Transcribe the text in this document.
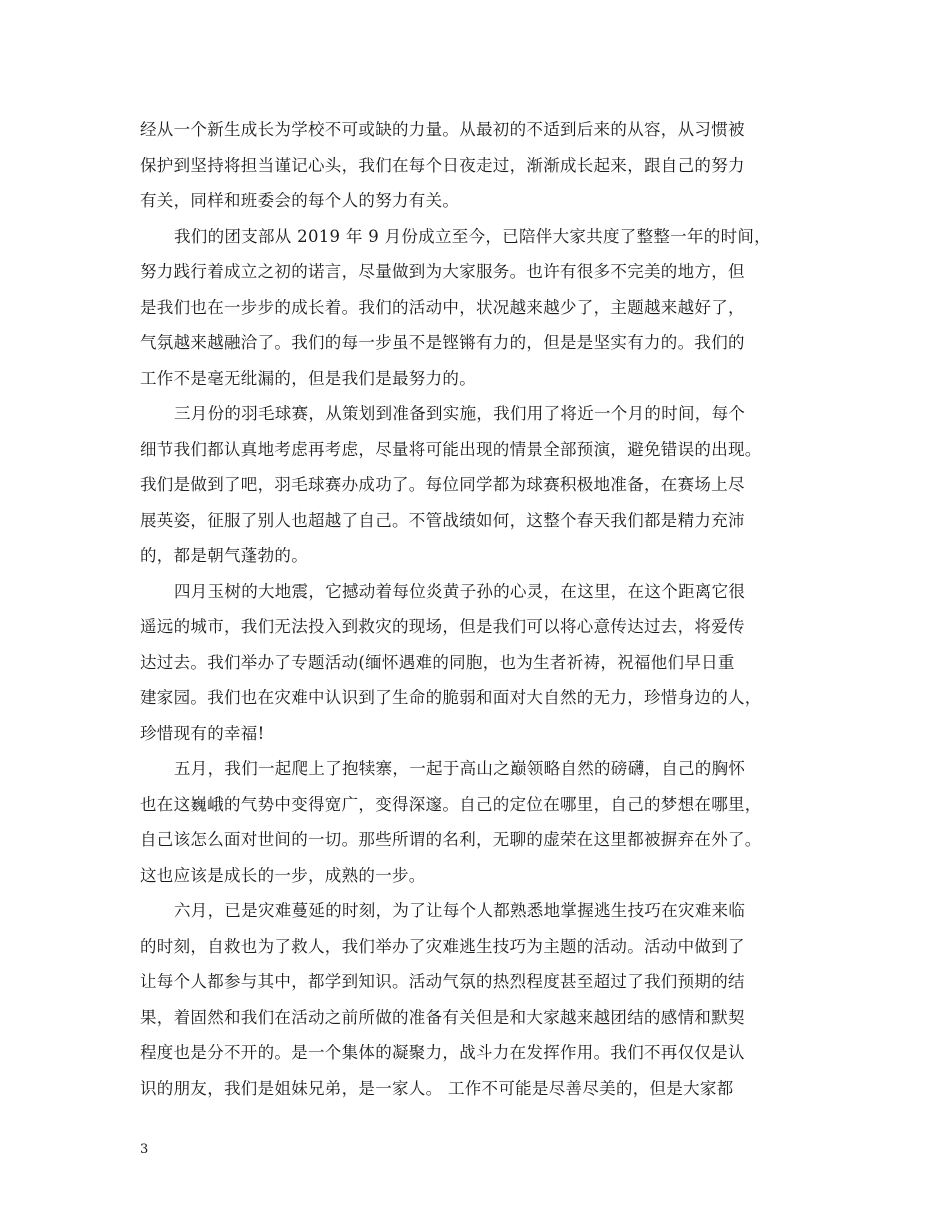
经从一个新生成长为学校不可或缺的力量。从最初的不适到后来的从容，从习惯被
保护到坚持将担当谨记心头，我们在每个日夜走过，渐渐成长起来，跟自己的努力
有关，同样和班委会的每个人的努力有关。
我们的团支部从 2019 年 9 月份成立至今，已陪伴大家共度了整整一年的时间，
努力践行着成立之初的诺言，尽量做到为大家服务。也许有很多不完美的地方，但
是我们也在一步步的成长着。我们的活动中，状况越来越少了，主题越来越好了，
气氛越来越融洽了。我们的每一步虽不是铿锵有力的，但是是坚实有力的。我们的
工作不是毫无纰漏的，但是我们是最努力的。
三月份的羽毛球赛，从策划到准备到实施，我们用了将近一个月的时间，每个
细节我们都认真地考虑再考虑，尽量将可能出现的情景全部预演，避免错误的出现。
我们是做到了吧，羽毛球赛办成功了。每位同学都为球赛积极地准备，在赛场上尽
展英姿，征服了别人也超越了自己。不管战绩如何，这整个春天我们都是精力充沛
的，都是朝气蓬勃的。
四月玉树的大地震，它撼动着每位炎黄子孙的心灵，在这里，在这个距离它很
遥远的城市，我们无法投入到救灾的现场，但是我们可以将心意传达过去，将爱传
达过去。我们举办了专题活动(缅怀遇难的同胞，也为生者祈祷，祝福他们早日重
建家园。我们也在灾难中认识到了生命的脆弱和面对大自然的无力，珍惜身边的人，
珍惜现有的幸福!
五月，我们一起爬上了抱犊寨，一起于高山之巅领略自然的磅礴，自己的胸怀
也在这巍峨的气势中变得宽广，变得深邃。自己的定位在哪里，自己的梦想在哪里，
自己该怎么面对世间的一切。那些所谓的名利，无聊的虚荣在这里都被摒弃在外了。
这也应该是成长的一步，成熟的一步。
六月，已是灾难蔓延的时刻，为了让每个人都熟悉地掌握逃生技巧在灾难来临
的时刻，自救也为了救人，我们举办了灾难逃生技巧为主题的活动。活动中做到了
让每个人都参与其中，都学到知识。活动气氛的热烈程度甚至超过了我们预期的结
果，着固然和我们在活动之前所做的准备有关但是和大家越来越团结的感情和默契
程度也是分不开的。是一个集体的凝聚力，战斗力在发挥作用。我们不再仅仅是认
识的朋友，我们是姐妹兄弟，是一家人。 工作不可能是尽善尽美的，但是大家都
3
